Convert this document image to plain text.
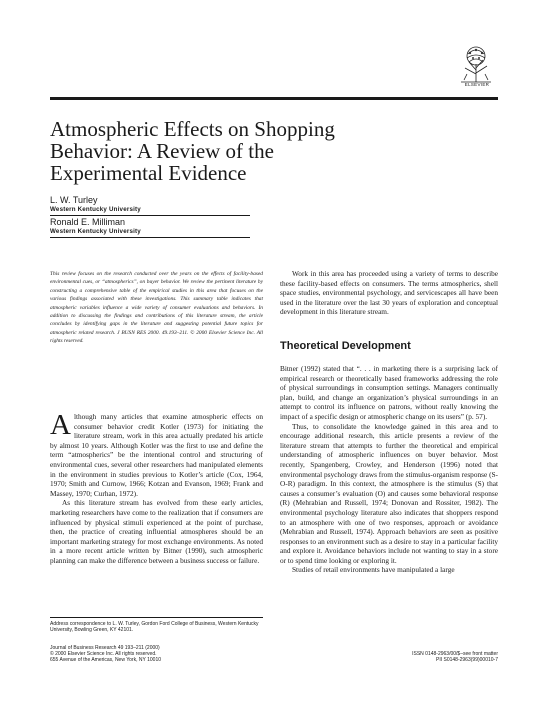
ELSEVIER
Atmospheric Effects on Shopping Behavior: A Review of the Experimental Evidence
L. W. Turley
Western Kentucky University
Ronald E. Milliman
Western Kentucky University

This review focuses on the research conducted over the years on the effects of facility-based environmental cues, or “atmospherics”, on buyer behavior. We review the pertinent literature by constructing a comprehensive table of the empirical studies in this area that focuses on the various findings associated with these investigations. This summary table indicates that atmospheric variables influence a wide variety of consumer evaluations and behaviors. In addition to discussing the findings and contributions of this literature stream, the article concludes by identifying gaps in the literature and suggesting potential future topics for atmospheric related research. J BUSN RES 2000. 49.193–211. © 2000 Elsevier Science Inc. All rights reserved.

Although many articles that examine atmospheric effects on consumer behavior credit Kotler (1973) for initiating the literature stream, work in this area actually predated his article by almost 10 years. Although Kotler was the first to use and define the term “atmospherics” be the intentional control and structuring of environmental cues, several other researchers had manipulated elements in the environment in studies previous to Kotler’s article (Cox, 1964, 1970; Smith and Curnow, 1966; Kotzan and Evanson, 1969; Frank and Massey, 1970; Curhan, 1972).

As this literature stream has evolved from these early articles, marketing researchers have come to the realization that if consumers are influenced by physical stimuli experienced at the point of purchase, then, the practice of creating influential atmospheres should be an important marketing strategy for most exchange environments. As noted in a more recent article written by Bitner (1990), such atmospheric planning can make the difference between a business success or failure.

Work in this area has proceeded using a variety of terms to describe these facility-based effects on consumers. The terms atmospherics, shell space studies, environmental psychology, and servicescapes all have been used in the literature over the last 30 years of exploration and conceptual development in this literature stream.

Theoretical Development

Bitner (1992) stated that “. . . in marketing there is a surprising lack of empirical research or theoretically based frameworks addressing the role of physical surroundings in consumption settings. Managers continually plan, build, and change an organization’s physical surroundings in an attempt to control its influence on patrons, without really knowing the impact of a specific design or atmospheric change on its users” (p. 57).

Thus, to consolidate the knowledge gained in this area and to encourage additional research, this article presents a review of the literature stream that attempts to further the theoretical and empirical understanding of atmospheric influences on buyer behavior. Most recently, Spangenberg, Crowley, and Henderson (1996) noted that environmental psychology draws from the stimulus-organism response (S-O-R) paradigm. In this context, the atmosphere is the stimulus (S) that causes a consumer’s evaluation (O) and causes some behavioral response (R) (Mehrabian and Russell, 1974; Donovan and Rossiter, 1982). The environmental psychology literature also indicates that shoppers respond to an atmosphere with one of two responses, approach or avoidance (Mehrabian and Russell, 1974). Approach behaviors are seen as positive responses to an environment such as a desire to stay in a particular facility and explore it. Avoidance behaviors include not wanting to stay in a store or to spend time looking or exploring it.

Studies of retail environments have manipulated a large

Address correspondence to L. W. Turley, Gordon Ford College of Business, Western Kentucky University, Bowling Green, KY 42101.
Journal of Business Research 49 193–211 (2000)
© 2000 Elsevier Science Inc. All rights reserved.
655 Avenue of the Americas, New York, NY 10010
ISSN 0148-2963/00/$–see front matter
PII S0148-2963(99)00010-7
